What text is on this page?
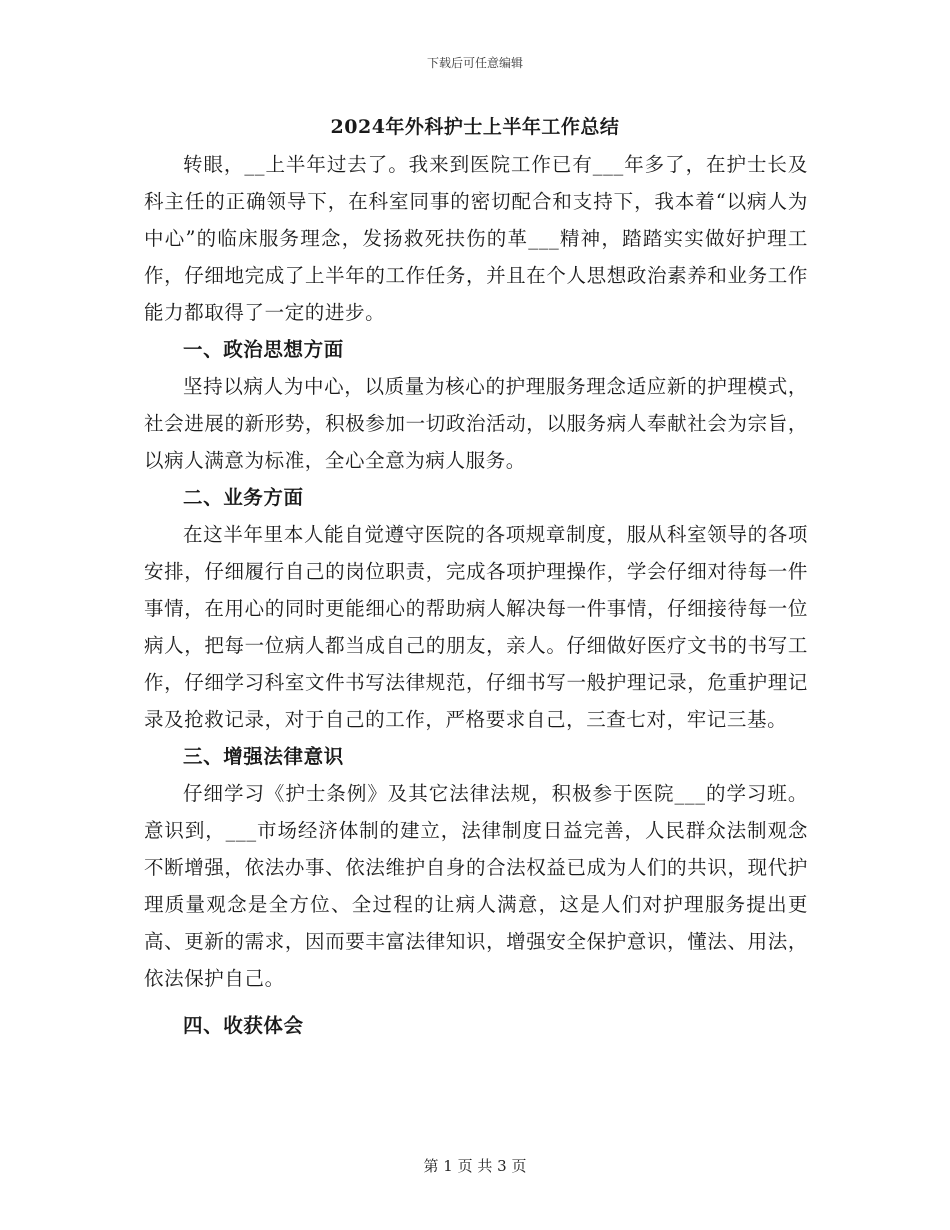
下载后可任意编辑
2024年外科护士上半年工作总结

转眼，__上半年过去了。我来到医院工作已有___年多了，在护士长及科主任的正确领导下，在科室同事的密切配合和支持下，我本着“以病人为中心”的临床服务理念，发扬救死扶伤的革___精神，踏踏实实做好护理工作，仔细地完成了上半年的工作任务，并且在个人思想政治素养和业务工作能力都取得了一定的进步。

一、政治思想方面

坚持以病人为中心，以质量为核心的护理服务理念适应新的护理模式，社会进展的新形势，积极参加一切政治活动，以服务病人奉献社会为宗旨，以病人满意为标准，全心全意为病人服务。

二、业务方面

在这半年里本人能自觉遵守医院的各项规章制度，服从科室领导的各项安排，仔细履行自己的岗位职责，完成各项护理操作，学会仔细对待每一件事情，在用心的同时更能细心的帮助病人解决每一件事情，仔细接待每一位病人，把每一位病人都当成自己的朋友，亲人。仔细做好医疗文书的书写工作，仔细学习科室文件书写法律规范，仔细书写一般护理记录，危重护理记录及抢救记录，对于自己的工作，严格要求自己，三查七对，牢记三基。

三、增强法律意识

仔细学习《护士条例》及其它法律法规，积极参于医院___的学习班。意识到，___市场经济体制的建立，法律制度日益完善，人民群众法制观念不断增强，依法办事、依法维护自身的合法权益已成为人们的共识，现代护理质量观念是全方位、全过程的让病人满意，这是人们对护理服务提出更高、更新的需求，因而要丰富法律知识，增强安全保护意识，懂法、用法，依法保护自己。

四、收获体会

第 1 页 共 3 页
